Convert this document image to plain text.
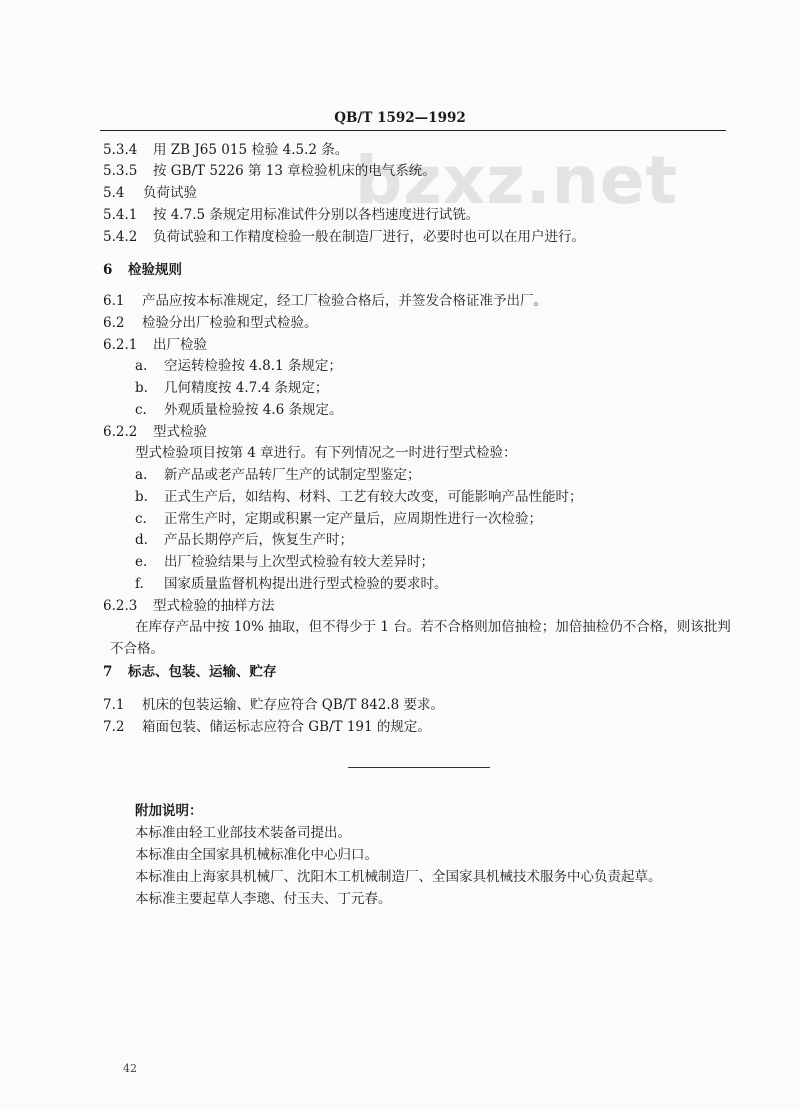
bzxz.net
QB/T 1592—1992
5.3.4 用 ZB J65 015 检验 4.5.2 条。
5.3.5 按 GB/T 5226 第 13 章检验机床的电气系统。
5.4 负荷试验
5.4.1 按 4.7.5 条规定用标准试件分别以各档速度进行试铣。
5.4.2 负荷试验和工作精度检验一般在制造厂进行，必要时也可以在用户进行。
6 检验规则
6.1 产品应按本标准规定，经工厂检验合格后，并签发合格证准予出厂。
6.2 检验分出厂检验和型式检验。
6.2.1 出厂检验
a. 空运转检验按 4.8.1 条规定；
b. 几何精度按 4.7.4 条规定；
c. 外观质量检验按 4.6 条规定。
6.2.2 型式检验
型式检验项目按第 4 章进行。有下列情况之一时进行型式检验：
a. 新产品或老产品转厂生产的试制定型鉴定；
b. 正式生产后，如结构、材料、工艺有较大改变，可能影响产品性能时；
c. 正常生产时，定期或积累一定产量后，应周期性进行一次检验；
d. 产品长期停产后，恢复生产时；
e. 出厂检验结果与上次型式检验有较大差异时；
f. 国家质量监督机构提出进行型式检验的要求时。
6.2.3 型式检验的抽样方法
在库存产品中按 10% 抽取，但不得少于 1 台。若不合格则加倍抽检；加倍抽检仍不合格，则该批判
不合格。
7 标志、包装、运输、贮存
7.1 机床的包装运输、贮存应符合 QB/T 842.8 要求。
7.2 箱面包装、储运标志应符合 GB/T 191 的规定。
附加说明：
本标准由轻工业部技术装备司提出。
本标准由全国家具机械标准化中心归口。
本标准由上海家具机械厂、沈阳木工机械制造厂、全国家具机械技术服务中心负责起草。
本标准主要起草人李璁、付玉夫、丁元春。
42
